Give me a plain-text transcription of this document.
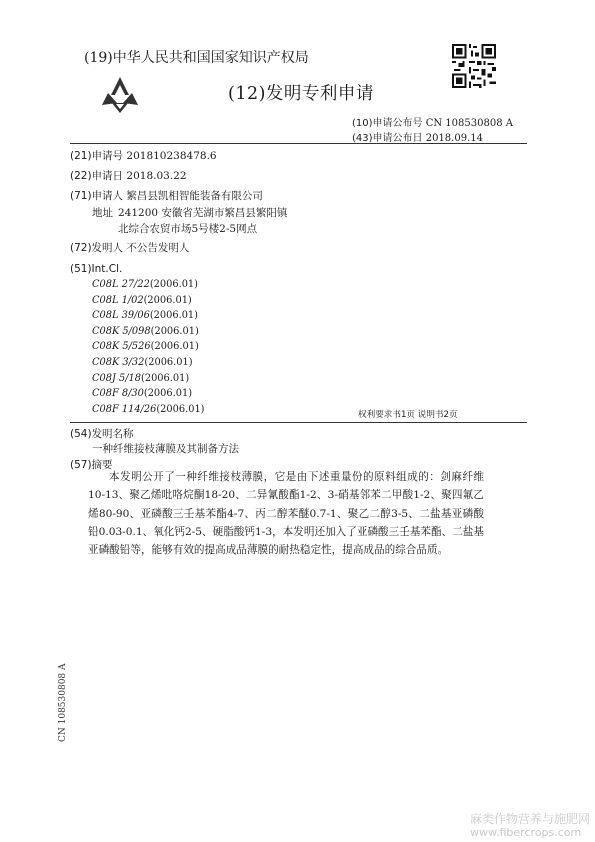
(19)中华人民共和国国家知识产权局
(12)发明专利申请
(10)申请公布号 CN 108530808 A
(43)申请公布日 2018.09.14
(21)申请号 201810238478.6
(22)申请日 2018.03.22
(71)申请人 繁昌县凯相智能装备有限公司
地址 241200 安徽省芜湖市繁昌县繁阳镇
北综合农贸市场5号楼2-5网点
(72)发明人 不公告发明人
(51)Int.Cl.
C08L 27/22(2006.01)
C08L 1/02(2006.01)
C08L 39/06(2006.01)
C08K 5/098(2006.01)
C08K 5/526(2006.01)
C08K 3/32(2006.01)
C08J 5/18(2006.01)
C08F 8/30(2006.01)
C08F 114/26(2006.01)
权利要求书1页 说明书2页
(54)发明名称
一种纤维接枝薄膜及其制备方法
(57)摘要

本发明公开了一种纤维接枝薄膜，它是由下述重量份的原料组成的：剑麻纤维10-13、聚乙烯吡咯烷酮18-20、二异氰酸酯1-2、3-硝基邻苯二甲酸1-2、聚四氟乙烯80-90、亚磷酸三壬基苯酯4-7、丙二醇苯醚0.7-1、聚乙二醇3-5、二盐基亚磷酸铅0.03-0.1、氧化钙2-5、硬脂酸钙1-3，本发明还加入了亚磷酸三壬基苯酯、二盐基亚磷酸铅等，能够有效的提高成品薄膜的耐热稳定性，提高成品的综合品质。

CN 108530808 A
麻类作物营养与施肥网
www.fibercrops.com
